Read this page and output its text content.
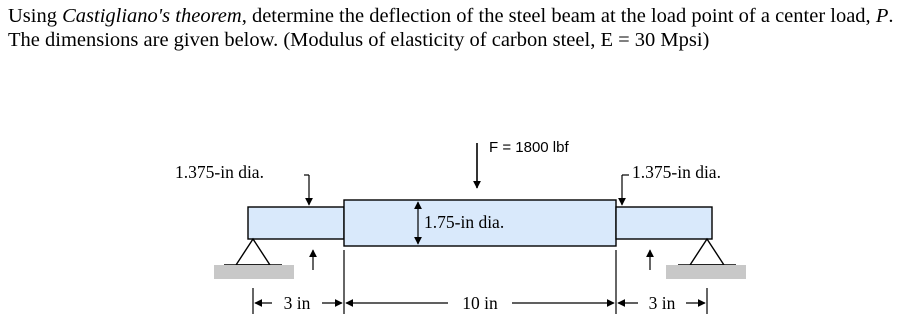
Using Castigliano's theorem, determine the deflection of the steel beam at the load point of a center load, P. The dimensions are given below. (Modulus of elasticity of carbon steel, E = 30 Mpsi)

F = 1800 lbf
1.375-in dia.	1.375-in dia.
1.75-in dia.
3 in	10 in	3 in
